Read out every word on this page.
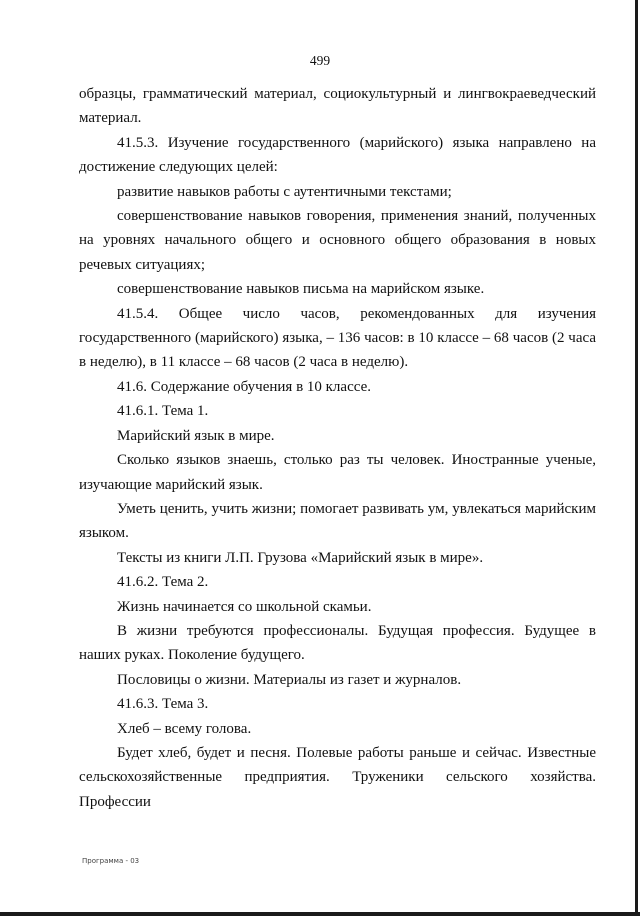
499

образцы, грамматический материал, социокультурный и лингвокраеведческий материал.

41.5.3. Изучение государственного (марийского) языка направлено на достижение следующих целей:

развитие навыков работы с аутентичными текстами;

совершенствование навыков говорения, применения знаний, полученных на уровнях начального общего и основного общего образования в новых речевых ситуациях;

совершенствование навыков письма на марийском языке.

41.5.4. Общее число часов, рекомендованных для изучения государственного (марийского) языка, – 136 часов: в 10 классе – 68 часов (2 часа в неделю), в 11 классе – 68 часов (2 часа в неделю).

41.6. Содержание обучения в 10 классе.

41.6.1. Тема 1.

Марийский язык в мире.

Сколько языков знаешь, столько раз ты человек. Иностранные ученые, изучающие марийский язык.

Уметь ценить, учить жизни; помогает развивать ум, увлекаться марийским языком.

Тексты из книги Л.П. Грузова «Марийский язык в мире».

41.6.2. Тема 2.

Жизнь начинается со школьной скамьи.

В жизни требуются профессионалы. Будущая профессия. Будущее в наших руках. Поколение будущего.

Пословицы о жизни. Материалы из газет и журналов.

41.6.3. Тема 3.

Хлеб – всему голова.

Будет хлеб, будет и песня. Полевые работы раньше и сейчас. Известные сельскохозяйственные предприятия. Труженики сельского хозяйства. Профессии

Программа - 03
